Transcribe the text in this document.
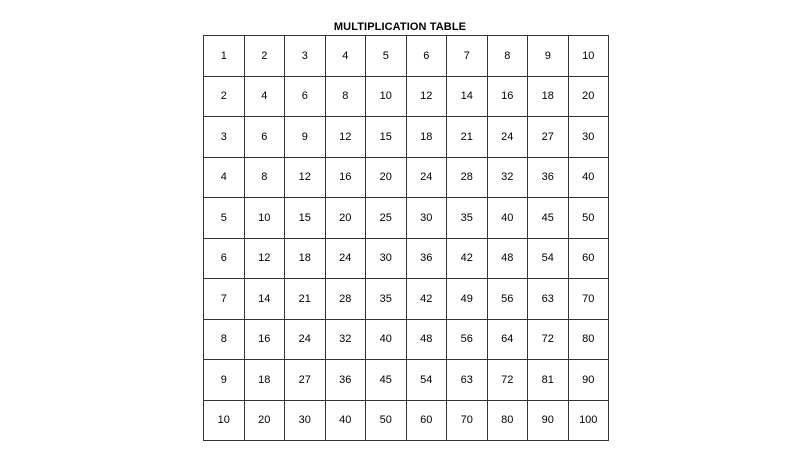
MULTIPLICATION TABLE
1	2	3	4	5	6	7	8	9	10
2	4	6	8	10	12	14	16	18	20
3	6	9	12	15	18	21	24	27	30
4	8	12	16	20	24	28	32	36	40
5	10	15	20	25	30	35	40	45	50
6	12	18	24	30	36	42	48	54	60
7	14	21	28	35	42	49	56	63	70
8	16	24	32	40	48	56	64	72	80
9	18	27	36	45	54	63	72	81	90
10	20	30	40	50	60	70	80	90	100
